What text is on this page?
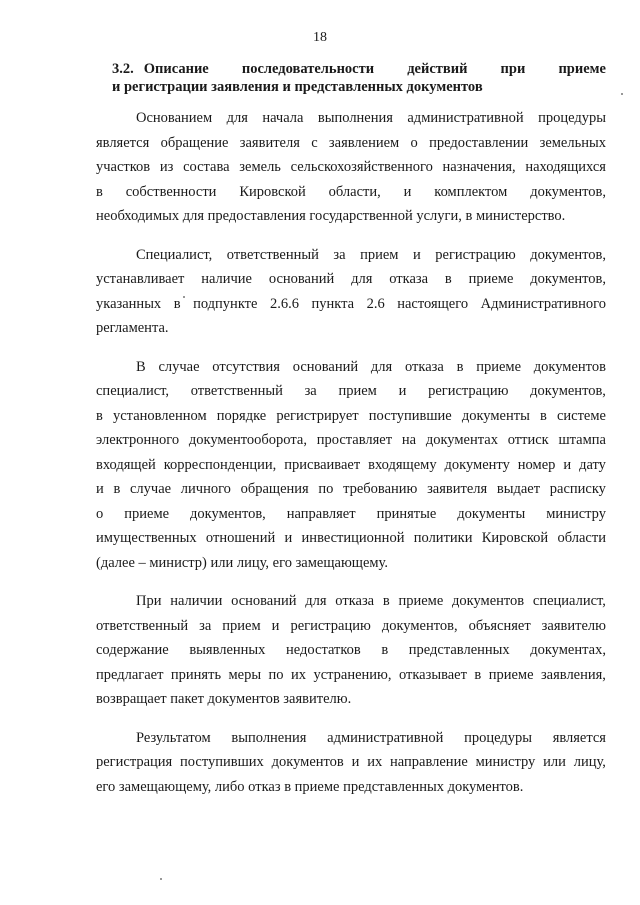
18
3.2. Описание последовательности действий при приеме
и регистрации заявления и представленных документов
Основанием для начала выполнения административной процедуры
является обращение заявителя с заявлением о предоставлении земельных
участков из состава земель сельскохозяйственного назначения, находящихся
в собственности Кировской области, и комплектом документов,
необходимых для предоставления государственной услуги, в министерство.
Специалист, ответственный за прием и регистрацию документов,
устанавливает наличие оснований для отказа в приеме документов,
указанных в подпункте 2.6.6 пункта 2.6 настоящего Административного
регламента.
В случае отсутствия оснований для отказа в приеме документов
специалист, ответственный за прием и регистрацию документов,
в установленном порядке регистрирует поступившие документы в системе
электронного документооборота, проставляет на документах оттиск штампа
входящей корреспонденции, присваивает входящему документу номер и дату
и в случае личного обращения по требованию заявителя выдает расписку
о приеме документов, направляет принятые документы министру
имущественных отношений и инвестиционной политики Кировской области
(далее – министр) или лицу, его замещающему.
При наличии оснований для отказа в приеме документов специалист,
ответственный за прием и регистрацию документов, объясняет заявителю
содержание выявленных недостатков в представленных документах,
предлагает принять меры по их устранению, отказывает в приеме заявления,
возвращает пакет документов заявителю.
Результатом выполнения административной процедуры является
регистрация поступивших документов и их направление министру или лицу,
его замещающему, либо отказ в приеме представленных документов.
